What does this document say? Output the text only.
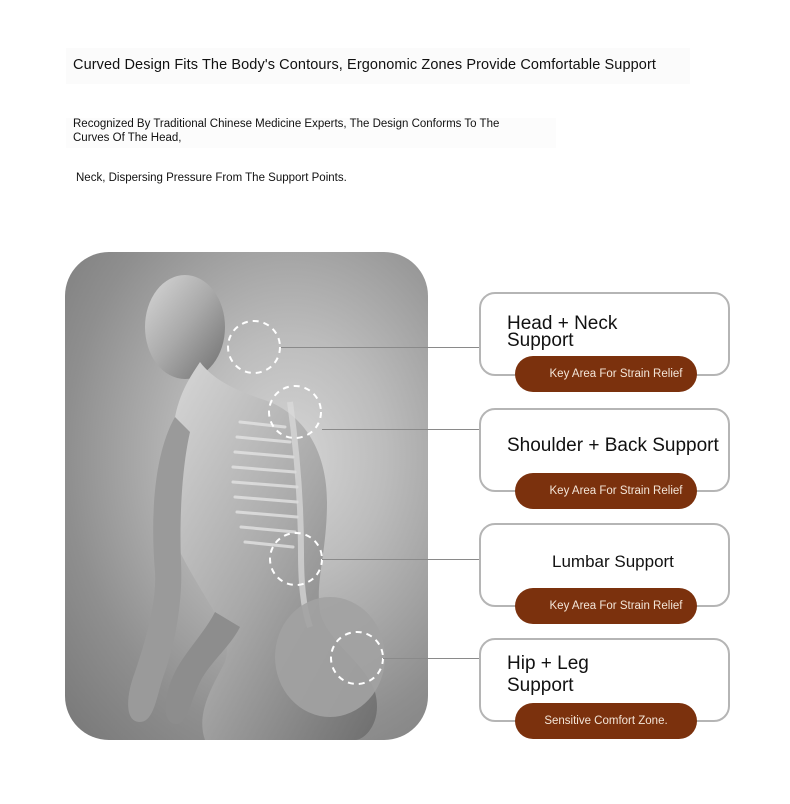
Curved Design Fits The Body's Contours, Ergonomic Zones Provide Comfortable Support
Recognized By Traditional Chinese Medicine Experts, The Design Conforms To The
Curves Of The Head,
Neck, Dispersing Pressure From The Support Points.
Head + Neck
Support
Key Area For Strain Relief
Shoulder + Back Support
Key Area For Strain Relief
Lumbar Support
Key Area For Strain Relief
Hip + Leg
Support
Sensitive Comfort Zone.
